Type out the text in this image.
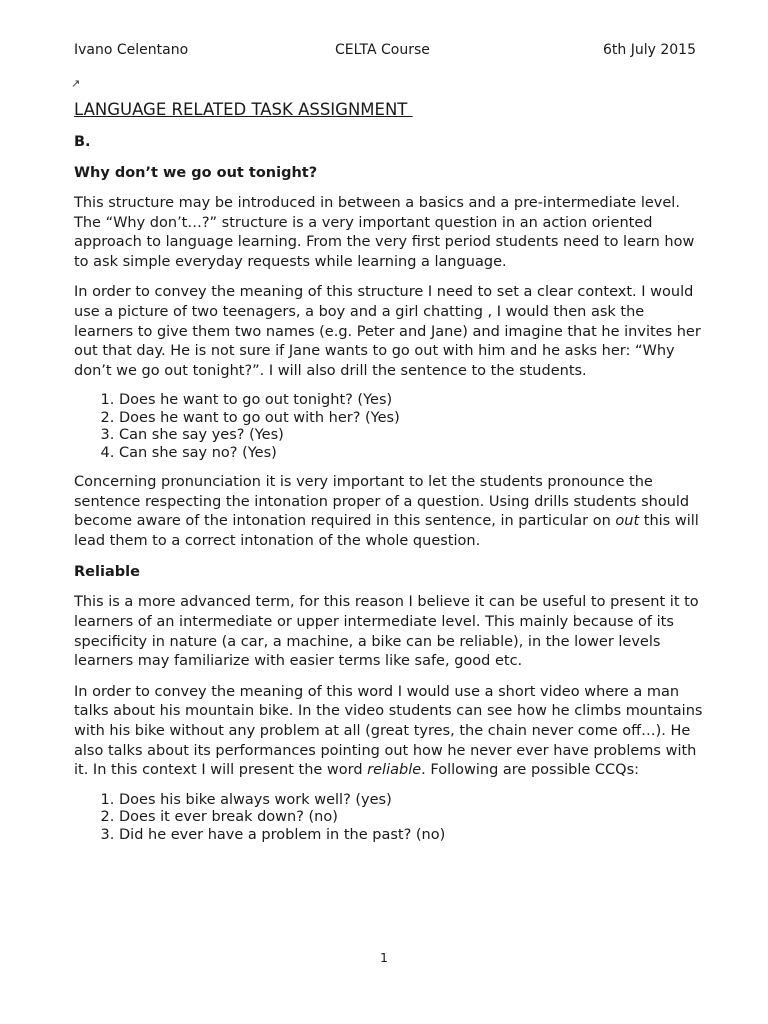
Ivano Celentano	CELTA Course	6th July 2015
↗
LANGUAGE RELATED TASK ASSIGNMENT
B.
Why don’t we go out tonight?

This structure may be introduced in between a basics and a pre-intermediate level. The “Why don’t…?” structure is a very important question in an action oriented approach to language learning. From the very first period students need to learn how to ask simple everyday requests while learning a language.

In order to convey the meaning of this structure I need to set a clear context. I would use a picture of two teenagers, a boy and a girl chatting , I would then ask the learners to give them two names (e.g. Peter and Jane) and imagine that he invites her out that day. He is not sure if Jane wants to go out with him and he asks her: “Why don’t we go out tonight?”. I will also drill the sentence to the students.

1. Does he want to go out tonight? (Yes)
2. Does he want to go out with her? (Yes)
3. Can she say yes? (Yes)
4. Can she say no? (Yes)

Concerning pronunciation it is very important to let the students pronounce the sentence respecting the intonation proper of a question. Using drills students should become aware of the intonation required in this sentence, in particular on out this will lead them to a correct intonation of the whole question.

Reliable

This is a more advanced term, for this reason I believe it can be useful to present it to learners of an intermediate or upper intermediate level. This mainly because of its specificity in nature (a car, a machine, a bike can be reliable), in the lower levels learners may familiarize with easier terms like safe, good etc.

In order to convey the meaning of this word I would use a short video where a man talks about his mountain bike. In the video students can see how he climbs mountains with his bike without any problem at all (great tyres, the chain never come off…). He also talks about its performances pointing out how he never ever have problems with it. In this context I will present the word reliable. Following are possible CCQs:

1. Does his bike always work well? (yes)
2. Does it ever break down? (no)
3. Did he ever have a problem in the past? (no)
1
